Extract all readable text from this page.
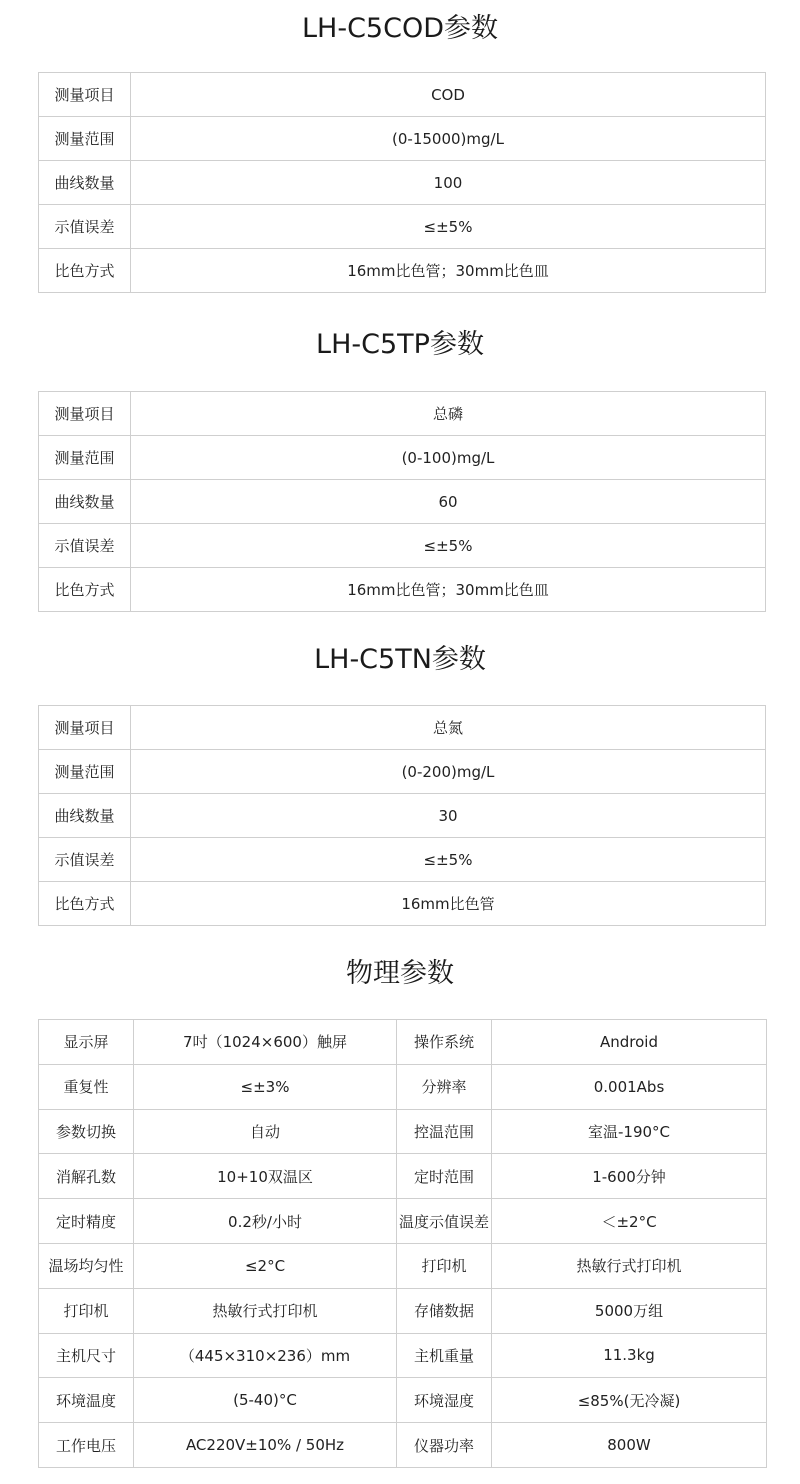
LH-C5COD参数
测量项目	COD
测量范围	(0-15000)mg/L
曲线数量	100
示值误差	≤±5%
比色方式	16mm比色管；30mm比色皿
LH-C5TP参数
测量项目	总磷
测量范围	(0-100)mg/L
曲线数量	60
示值误差	≤±5%
比色方式	16mm比色管；30mm比色皿
LH-C5TN参数
测量项目	总氮
测量范围	(0-200)mg/L
曲线数量	30
示值误差	≤±5%
比色方式	16mm比色管
物理参数
显示屏	7吋（1024×600）触屏	操作系统	Android
重复性	≤±3%	分辨率	0.001Abs
参数切换	自动	控温范围	室温-190°C
消解孔数	10+10双温区	定时范围	1-600分钟
定时精度	0.2秒/小时	温度示值误差	＜±2°C
温场均匀性	≤2°C	打印机	热敏行式打印机
打印机	热敏行式打印机	存储数据	5000万组
主机尺寸	（445×310×236）mm	主机重量	11.3kg
环境温度	(5-40)°C	环境湿度	≤85%(无冷凝)
工作电压	AC220V±10% / 50Hz	仪器功率	800W
